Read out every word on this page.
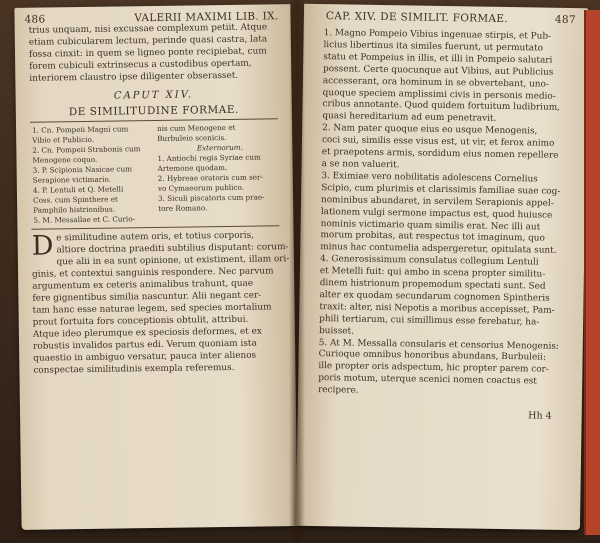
486	VALERII MAXIMI LIB. IX.
trius unquam, nisi excussae complexum petiit. Atque
etiam cubicularem lectum, perinde quasi castra, lata
fossa cinxit: in quem se ligneo ponte recipiebat, cum
forem cubiculi extrinsecus a custodibus opertam,
interiorem claustro ipse diligenter obserasset.
CAPUT XIV.
DE SIMILITUDINE FORMAE.
1. Cn. Pompeii Magni cum
Vibio et Publicio.
2. Cn. Pompeii Strabonis cum
Menogene coquo.
3. P. Scipionis Nasicae cum
Serapione victimario.
4. P. Lentuli et Q. Metelli
Coss. cum Spinthere et
Pamphilo histrionibus.
5. M. Messallae et C. Curio-
nis cum Menogene et
Burbuleio scenicis.
Externorum.
1. Antiochi regis Syriae cum
Artemone quodam.
2. Hybreae oratoris cum ser-
vo Cymaeorum publico.
3. Siculi piscatoris cum prae-
tore Romano.
D e similitudine autem oris, et totius corporis,
altiore doctrina praediti subtilius disputant: corum-
que alii in ea sunt opinione, ut existiment, illam ori-
ginis, et contextui sanguinis respondere. Nec parvum
argumentum ex ceteris animalibus trahunt, quae
fere gignentibus similia nascuntur. Alii negant cer-
tam hanc esse naturae legem, sed species mortalium
prout fortuita fors conceptionis obtulit, attribui.
Atque ideo plerumque ex speciosis deformes, et ex
robustis invalidos partus edi. Verum quoniam ista
quaestio in ambiguo versatur, pauca inter alienos
conspectae similitudinis exempla referemus.
CAP. XIV. DE SIMILIT. FORMAE.	487
1. Magno Pompeio Vibius ingenuae stirpis, et Pub-
licius libertinus ita similes fuerunt, ut permutato
statu et Pompeius in illis, et illi in Pompeio salutari
possent. Certe quocunque aut Vibius, aut Publicius
accesserant, ora hominum in se obvertebant, uno-
quoque speciem amplissimi civis in personis medio-
cribus annotante. Quod quidem fortuitum ludibrium,
quasi hereditarium ad eum penetravit.
2. Nam pater quoque eius eo usque Menogenis,
coci sui, similis esse visus est, ut vir, et ferox animo
et praepotens armis, sordidum eius nomen repellere
a se non valuerit.
3. Eximiae vero nobilitatis adolescens Cornelius
Scipio, cum plurimis et clarissimis familiae suae cog-
nominibus abundaret, in servilem Serapionis appel-
lationem vulgi sermone impactus est, quod huiusce
nominis victimario quam similis erat. Nec illi aut
morum probitas, aut respectus tot imaginum, quo
minus hac contumelia adspergeretur, opitulata sunt.
4. Generosissimum consulatus collegium Lentuli
et Metelli fuit: qui ambo in scena propter similitu-
dinem histrionum propemodum spectati sunt. Sed
alter ex quodam secundarum cognomen Spintheris
traxit: alter, nisi Nepotis a moribus accepisset, Pam-
phili tertiarum, cui simillimus esse ferebatur, ha-
buisset.
5. At M. Messalla consularis et censorius Menogenis:
Curioque omnibus honoribus abundans, Burbuleii:
ille propter oris adspectum, hic propter parem cor-
poris motum, uterque scenici nomen coactus est
recipere.
Hh 4
